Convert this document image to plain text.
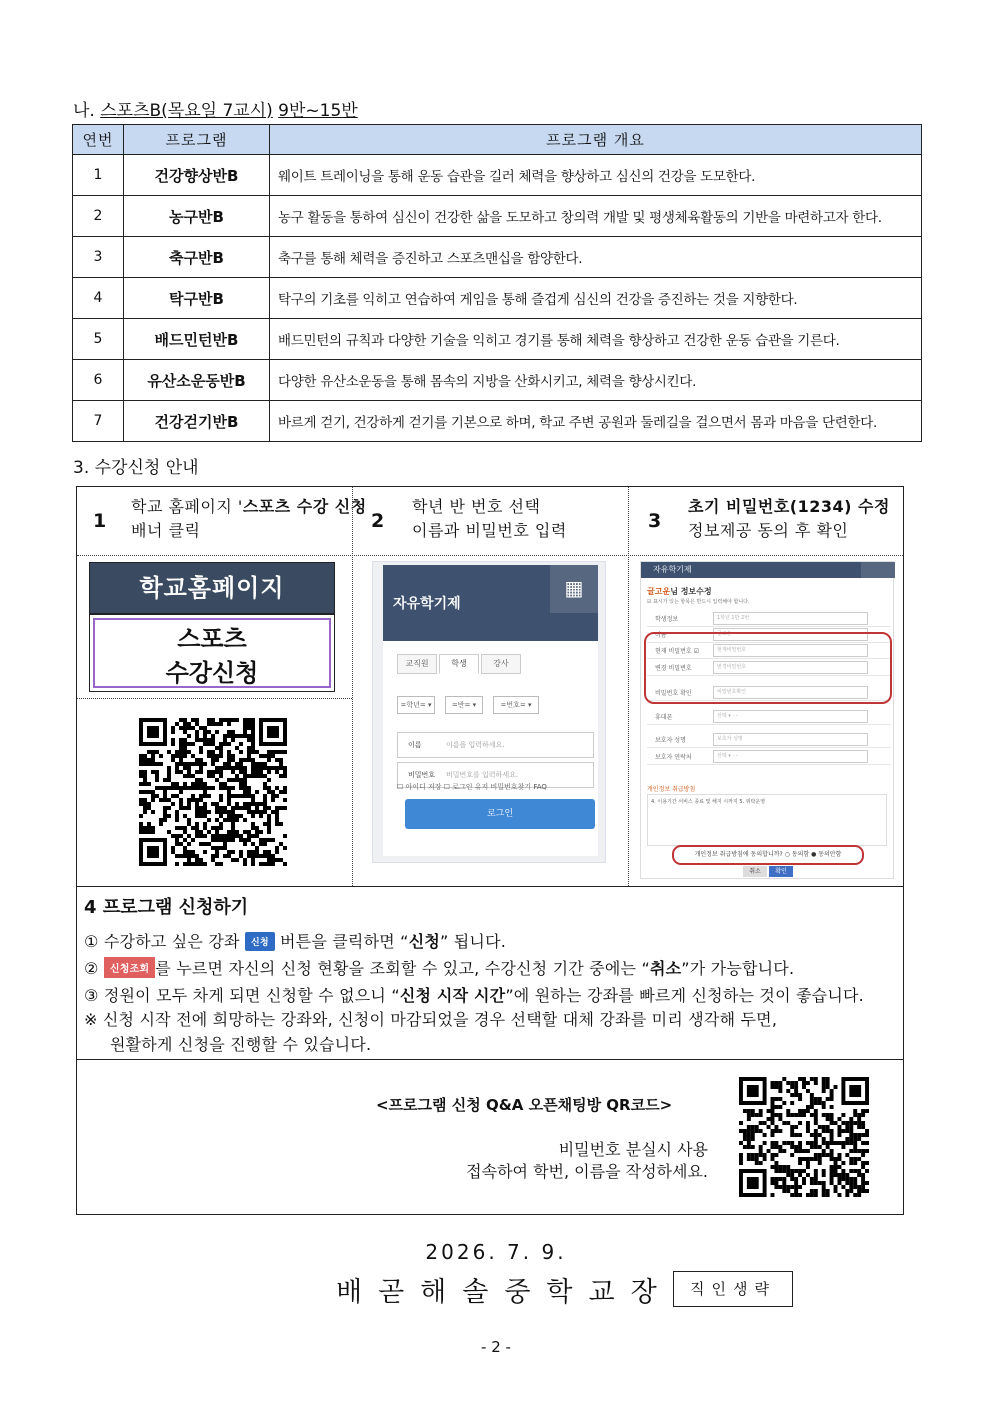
나. 스포츠B(목요일 7교시) 9반~15반
연번	프로그램	프로그램 개요
1	건강향상반B	웨이트 트레이닝을 통해 운동 습관을 길러 체력을 향상하고 심신의 건강을 도모한다.
2	농구반B	농구 활동을 통하여 심신이 건강한 삶을 도모하고 창의력 개발 및 평생체육활동의 기반을 마련하고자 한다.
3	축구반B	축구를 통해 체력을 증진하고 스포츠맨십을 함양한다.
4	탁구반B	탁구의 기초를 익히고 연습하여 게임을 통해 즐겁게 심신의 건강을 증진하는 것을 지향한다.
5	배드민턴반B	배드민턴의 규칙과 다양한 기술을 익히고 경기를 통해 체력을 향상하고 건강한 운동 습관을 기른다.
6	유산소운동반B	다양한 유산소운동을 통해 몸속의 지방을 산화시키고, 체력을 향상시킨다.
7	건강걷기반B	바르게 걷기, 건강하게 걷기를 기본으로 하며, 학교 주변 공원과 둘레길을 걸으면서 몸과 마음을 단련한다.
3. 수강신청 안내
1
학교 홈페이지 '스포츠 수강 신청
배너 클릭	2
학년 반 번호 선택
이름과 비밀번호 입력	3
초기 비밀번호(1234) 수정
정보제공 동의 후 확인
학교홈페이지
스포츠
수강신청
자유학기제
▦
교직원	학생	강사
=학년= ▾	=반= ▾	=번호= ▾
이름	이름을 입력하세요.
비밀번호 비밀번호를 입력하세요.
☐ 아이디 저장 ☐ 로그인 유지 비밀번호찾기 FAQ
로그인
자유학기제
글고운님 정보수정
☑ 표시가 있는 항목은 반드시 입력해야 합니다.
학생정보	1학년 1반 2번
이름	글고운
현재 비밀번호 ☑	현재비밀번호
변경 비밀번호	변경비밀번호
비밀번호 확인	비밀번호확인
휴대폰	선택 ▾ - -
보호자 성명	보호자 성명
보호자 연락처	선택 ▾ - -
개인정보 취급방침
4. 이용기간 서비스 종료 및 해지 시까지 5. 위탁운영
개인정보 취급방침에 동의합니까? ○ 동의함 ● 동의안함
취소	확인
4 프로그램 신청하기
① 수강하고 싶은 강좌 신청 버튼을 클릭하면 “신청” 됩니다.
② 신청조회 를 누르면 자신의 신청 현황을 조회할 수 있고, 수강신청 기간 중에는 “취소”가 가능합니다.
③ 정원이 모두 차게 되면 신청할 수 없으니 “신청 시작 시간”에 원하는 강좌를 빠르게 신청하는 것이 좋습니다.
※ 신청 시작 전에 희망하는 강좌와, 신청이 마감되었을 경우 선택할 대체 강좌를 미리 생각해 두면,
원활하게 신청을 진행할 수 있습니다.
<프로그램 신청 Q&A 오픈채팅방 QR코드>
비밀번호 분실시 사용
접속하여 학번, 이름을 작성하세요.
2026. 7. 9.
배곧해솔중학교장	직인생략
- 2 -
